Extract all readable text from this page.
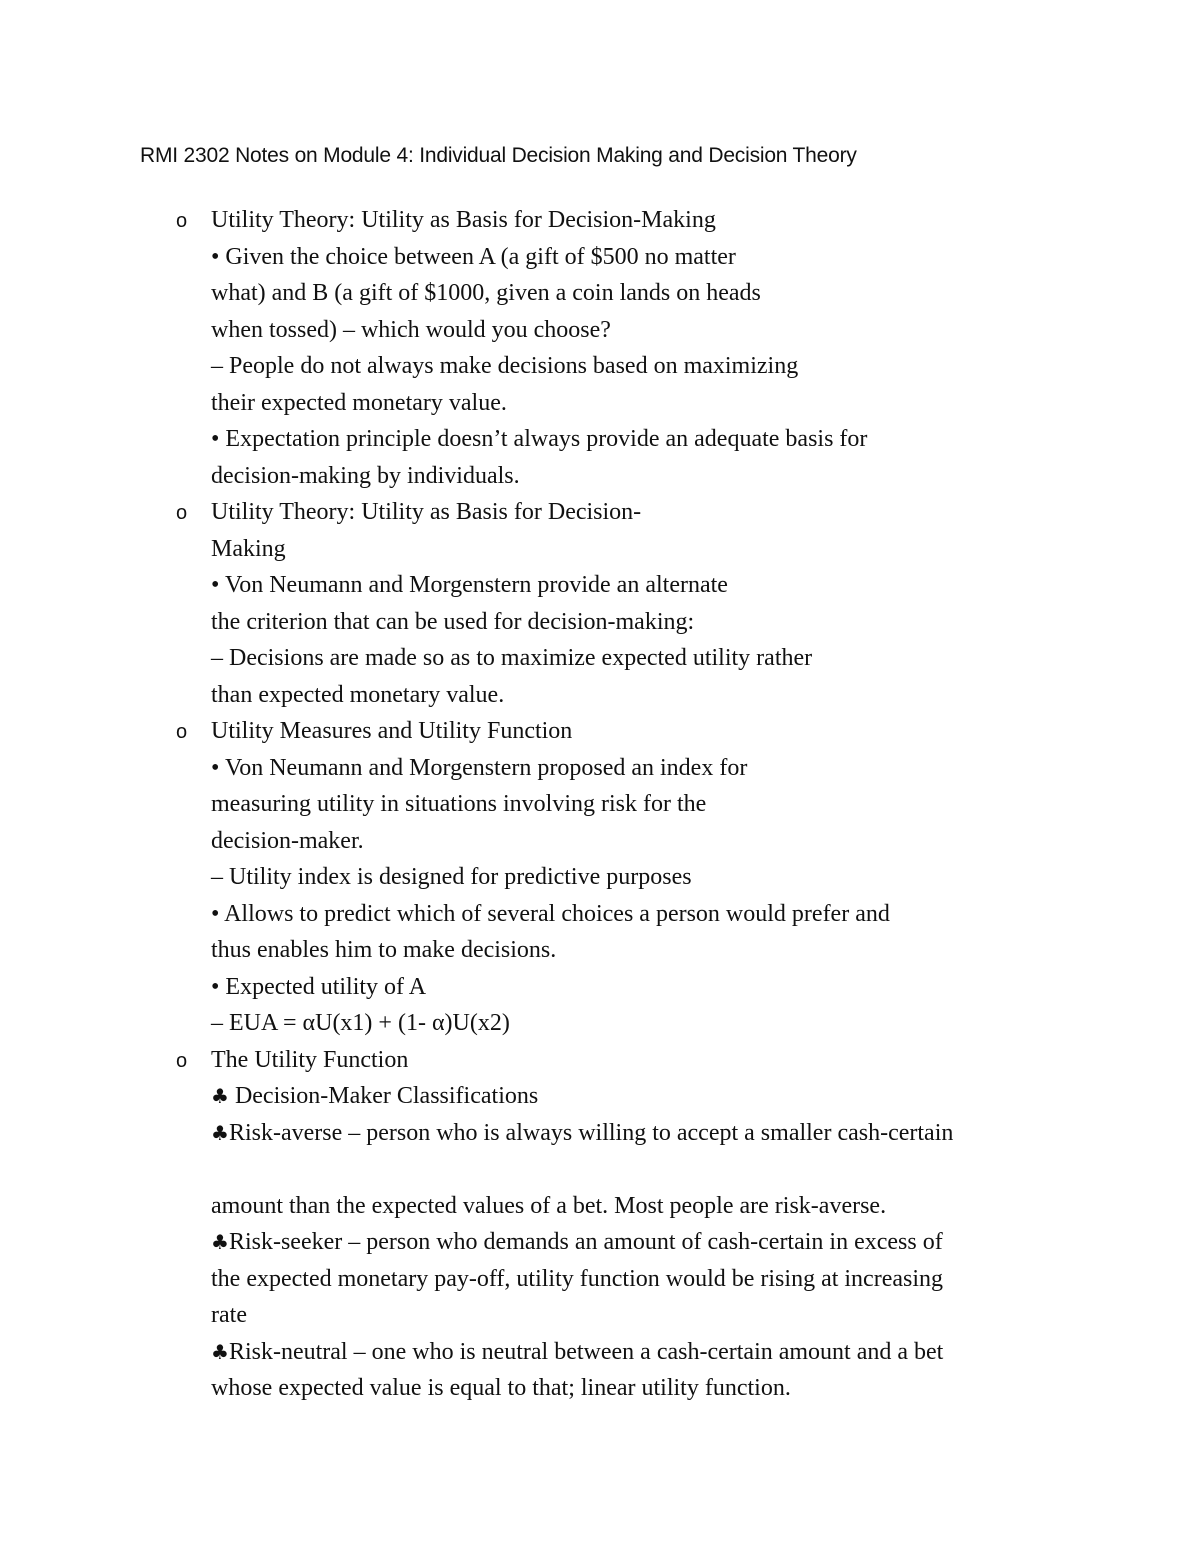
RMI 2302 Notes on Module 4: Individual Decision Making and Decision Theory
o Utility Theory: Utility as Basis for Decision-Making
• Given the choice between A (a gift of $500 no matter
what) and B (a gift of $1000, given a coin lands on heads
when tossed) – which would you choose?
– People do not always make decisions based on maximizing
their expected monetary value.
• Expectation principle doesn’t always provide an adequate basis for
decision-making by individuals.
o Utility Theory: Utility as Basis for Decision-
Making
• Von Neumann and Morgenstern provide an alternate
the criterion that can be used for decision-making:
– Decisions are made so as to maximize expected utility rather
than expected monetary value.
o Utility Measures and Utility Function
• Von Neumann and Morgenstern proposed an index for
measuring utility in situations involving risk for the
decision-maker.
– Utility index is designed for predictive purposes
• Allows to predict which of several choices a person would prefer and
thus enables him to make decisions.
• Expected utility of A
– EUA = αU(x1) + (1- α)U(x2)
o The Utility Function
♣ Decision-Maker Classifications
♣Risk-averse – person who is always willing to accept a smaller cash-certain
amount than the expected values of a bet. Most people are risk-averse.
♣Risk-seeker – person who demands an amount of cash-certain in excess of
the expected monetary pay-off, utility function would be rising at increasing
rate
♣Risk-neutral – one who is neutral between a cash-certain amount and a bet
whose expected value is equal to that; linear utility function.
